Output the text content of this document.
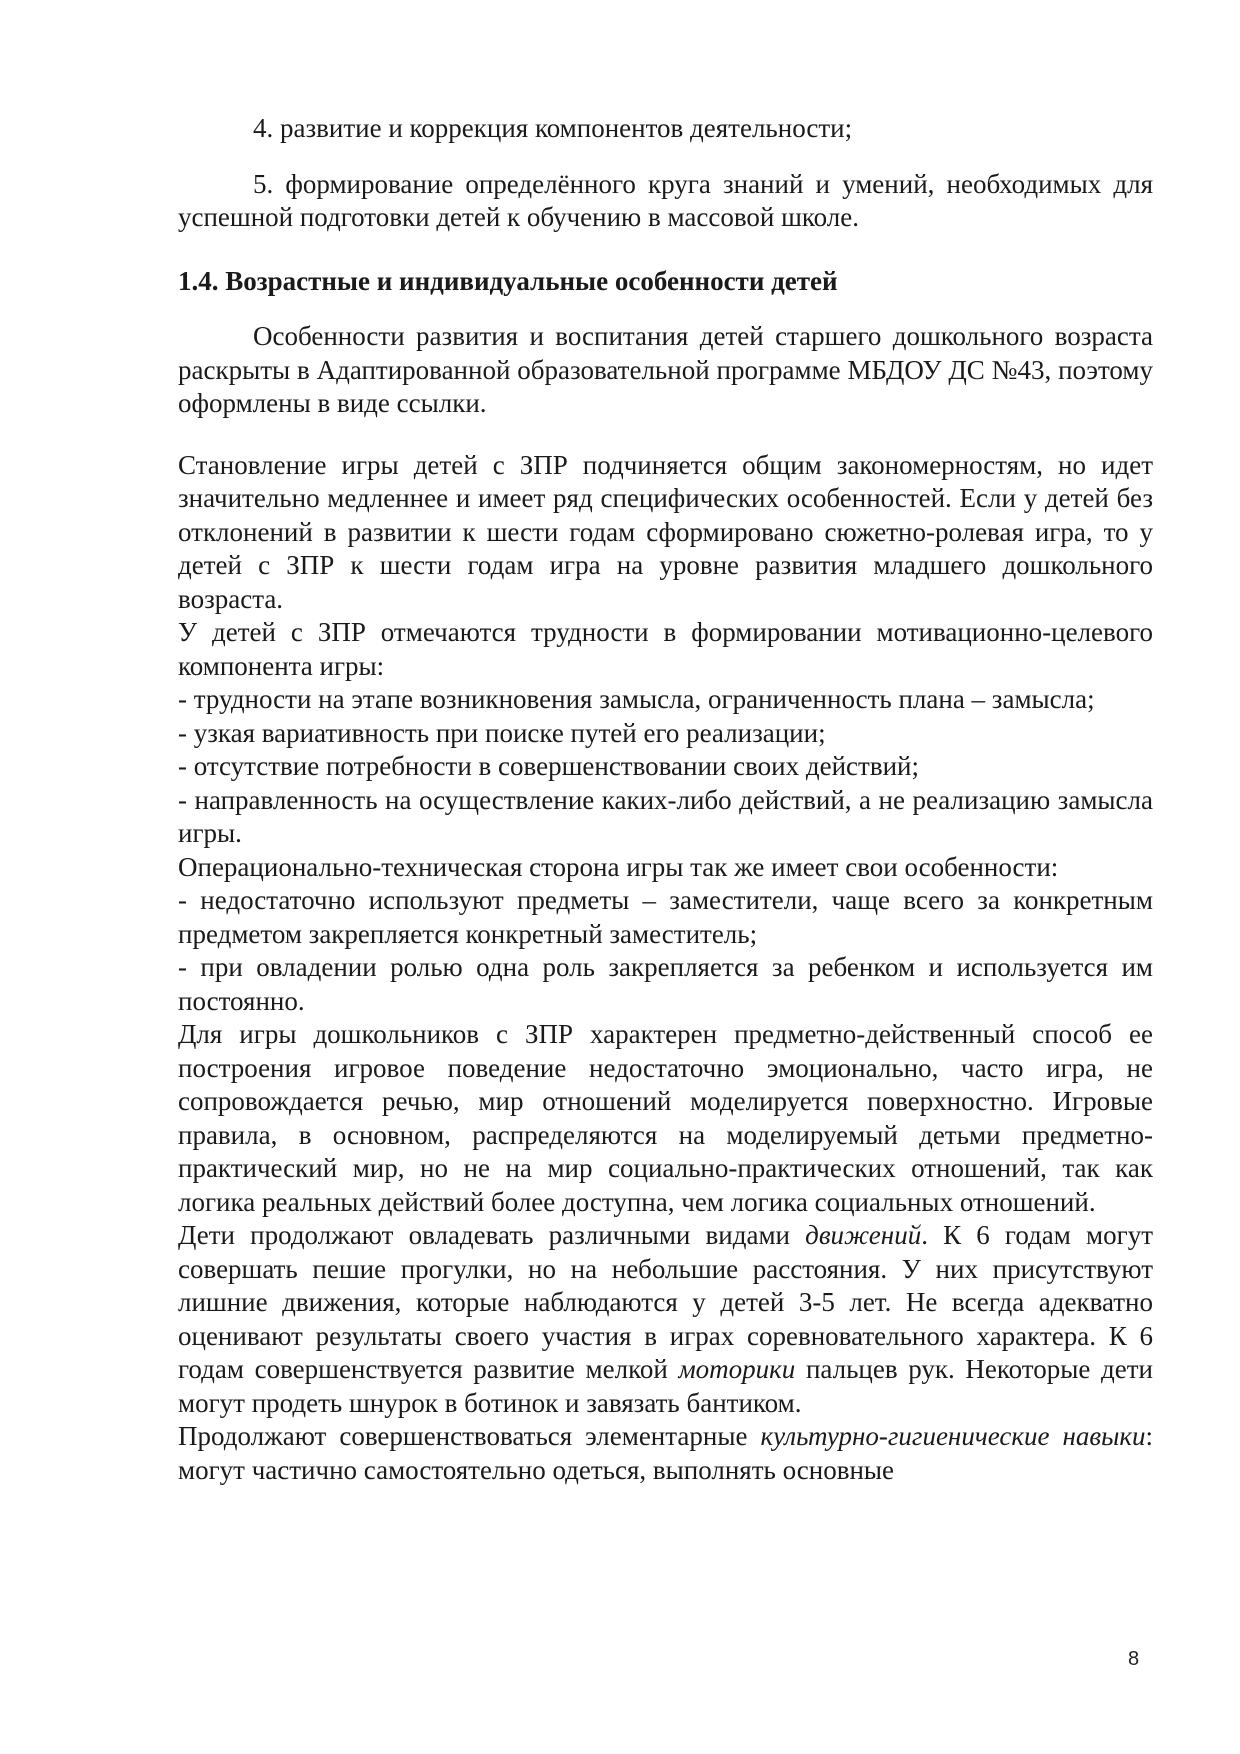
4. развитие и коррекция компонентов деятельности;

5. формирование определённого круга знаний и умений, необходимых для успешной подготовки детей к обучению в массовой школе.

1.4. Возрастные и индивидуальные особенности детей

Особенности развития и воспитания детей старшего дошкольного возраста раскрыты в Адаптированной образовательной программе МБДОУ ДС №43, поэтому оформлены в виде ссылки.

Становление игры детей с ЗПР подчиняется общим закономерностям, но идет значительно медленнее и имеет ряд специфических особенностей. Если у детей без отклонений в развитии к шести годам сформировано сюжетно-ролевая игра, то у детей с ЗПР к шести годам игра на уровне развития младшего дошкольного возраста.

У детей с ЗПР отмечаются трудности в формировании мотивационно-целевого компонента игры:

- трудности на этапе возникновения замысла, ограниченность плана – замысла;

- узкая вариативность при поиске путей его реализации;

- отсутствие потребности в совершенствовании своих действий;

- направленность на осуществление каких-либо действий, а не реализацию замысла игры.

Операционально-техническая сторона игры так же имеет свои особенности:

- недостаточно используют предметы – заместители, чаще всего за конкретным предметом закрепляется конкретный заместитель;

- при овладении ролью одна роль закрепляется за ребенком и используется им постоянно.

Для игры дошкольников с ЗПР характерен предметно-действенный способ ее построения игровое поведение недостаточно эмоционально, часто игра, не сопровождается речью, мир отношений моделируется поверхностно. Игровые правила, в основном, распределяются на моделируемый детьми предметно-практический мир, но не на мир социально-практических отношений, так как логика реальных действий более доступна, чем логика социальных отношений.

Дети продолжают овладевать различными видами движений. К 6 годам могут совершать пешие прогулки, но на небольшие расстояния. У них присутствуют лишние движения, которые наблюдаются у детей 3-5 лет. Не всегда адекватно оценивают результаты своего участия в играх соревновательного характера. К 6 годам совершенствуется развитие мелкой моторики пальцев рук. Некоторые дети могут продеть шнурок в ботинок и завязать бантиком.

Продолжают совершенствоваться элементарные культурно-гигиенические навыки: могут частично самостоятельно одеться, выполнять основные

8
